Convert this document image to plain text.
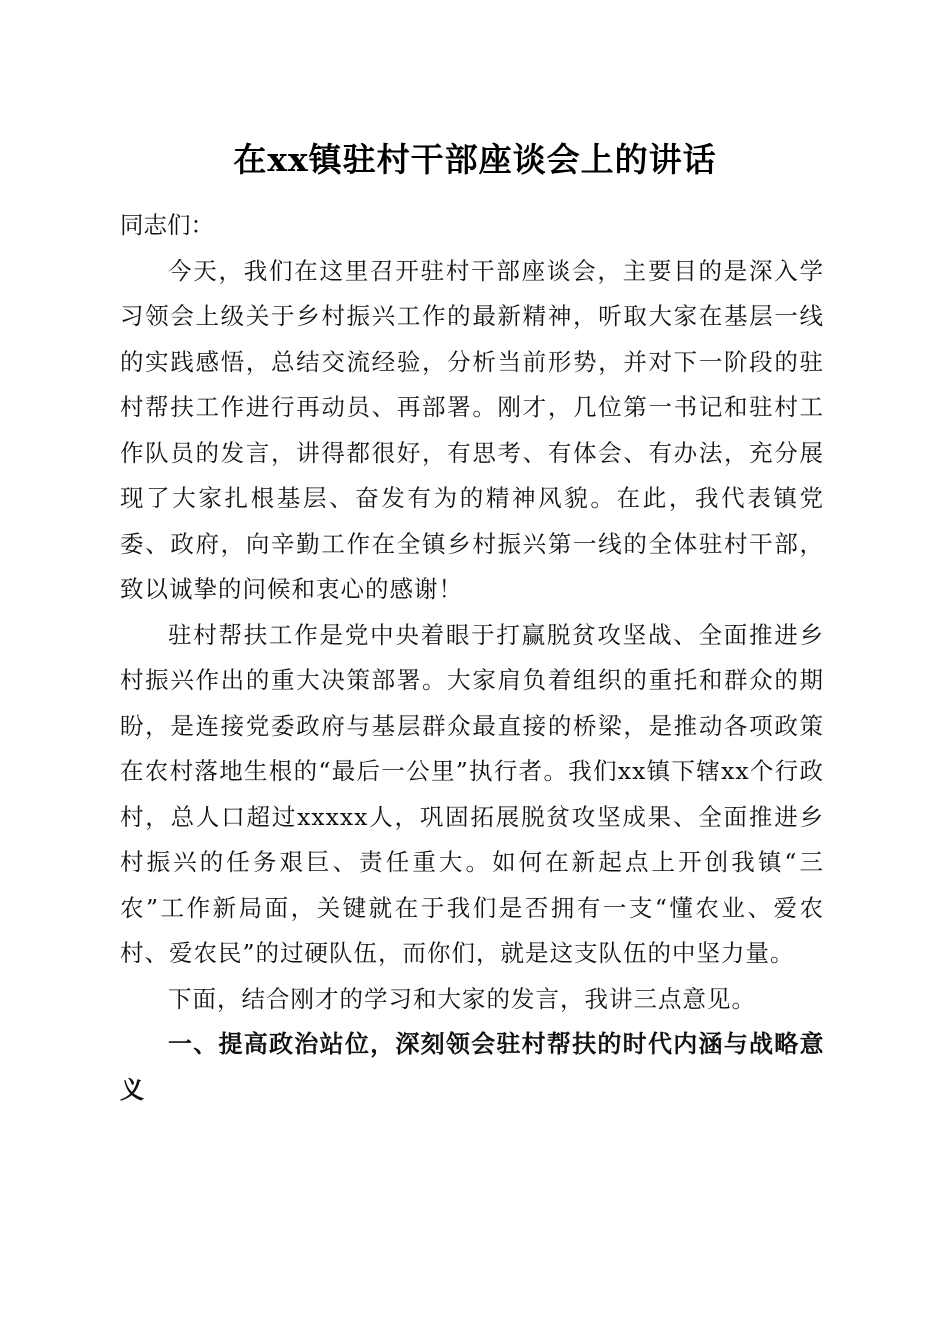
在xx镇驻村干部座谈会上的讲话

同志们：

今天，我们在这里召开驻村干部座谈会，主要目的是深入学习领会上级关于乡村振兴工作的最新精神，听取大家在基层一线的实践感悟，总结交流经验，分析当前形势，并对下一阶段的驻村帮扶工作进行再动员、再部署。刚才，几位第一书记和驻村工作队员的发言，讲得都很好，有思考、有体会、有办法，充分展现了大家扎根基层、奋发有为的精神风貌。在此，我代表镇党委、政府，向辛勤工作在全镇乡村振兴第一线的全体驻村干部，致以诚挚的问候和衷心的感谢！

驻村帮扶工作是党中央着眼于打赢脱贫攻坚战、全面推进乡村振兴作出的重大决策部署。大家肩负着组织的重托和群众的期盼，是连接党委政府与基层群众最直接的桥梁，是推动各项政策在农村落地生根的“最后一公里”执行者。我们xx镇下辖xx个行政村，总人口超过xxxxx人，巩固拓展脱贫攻坚成果、全面推进乡村振兴的任务艰巨、责任重大。如何在新起点上开创我镇“三农”工作新局面，关键就在于我们是否拥有一支“懂农业、爱农村、爱农民”的过硬队伍，而你们，就是这支队伍的中坚力量。

下面，结合刚才的学习和大家的发言，我讲三点意见。

一、提高政治站位，深刻领会驻村帮扶的时代内涵与战略意义
